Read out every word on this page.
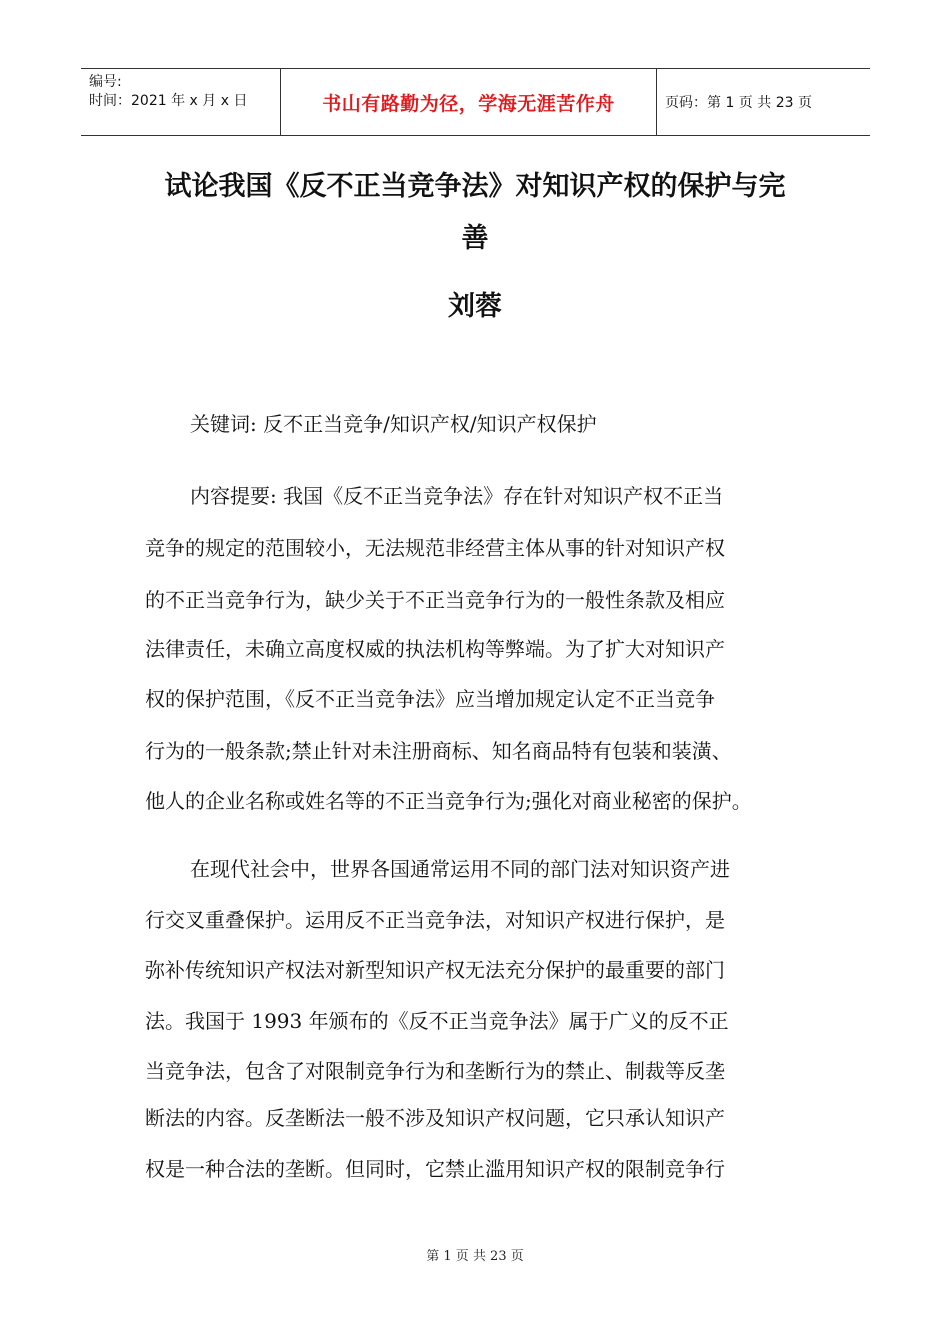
编号:
时间：2021 年 x 月 x 日	书山有路勤为径，学海无涯苦作舟	页码：第 1 页 共 23 页
试论我国《反不正当竞争法》对知识产权的保护与完
善
刘蓉
关键词: 反不正当竞争/知识产权/知识产权保护
内容提要: 我国《反不正当竞争法》存在针对知识产权不正当
竞争的规定的范围较小，无法规范非经营主体从事的针对知识产权
的不正当竞争行为，缺少关于不正当竞争行为的一般性条款及相应
法律责任，未确立高度权威的执法机构等弊端。为了扩大对知识产
权的保护范围，《反不正当竞争法》应当增加规定认定不正当竞争
行为的一般条款;禁止针对未注册商标、知名商品特有包装和装潢、
他人的企业名称或姓名等的不正当竞争行为;强化对商业秘密的保护。
在现代社会中，世界各国通常运用不同的部门法对知识资产进
行交叉重叠保护。运用反不正当竞争法，对知识产权进行保护，是
弥补传统知识产权法对新型知识产权无法充分保护的最重要的部门
法。我国于 1993 年颁布的《反不正当竞争法》属于广义的反不正
当竞争法，包含了对限制竞争行为和垄断行为的禁止、制裁等反垄
断法的内容。反垄断法一般不涉及知识产权问题，它只承认知识产
权是一种合法的垄断。但同时，它禁止滥用知识产权的限制竞争行
第 1 页 共 23 页
